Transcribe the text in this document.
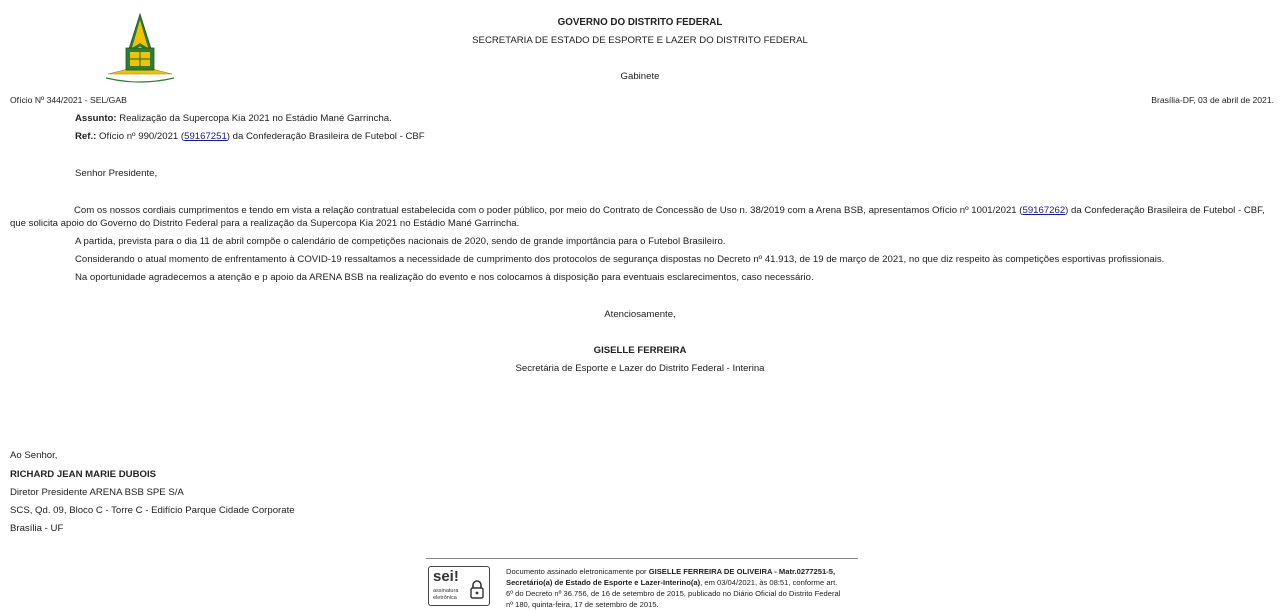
GOVERNO DO DISTRITO FEDERAL
SECRETARIA DE ESTADO DE ESPORTE E LAZER DO DISTRITO FEDERAL
Gabinete
Ofício Nº 344/2021 - SEL/GAB	Brasília-DF, 03 de abril de 2021.
Assunto: Realização da Supercopa Kia 2021 no Estádio Mané Garrincha.
Ref.: Ofício nº 990/2021 (59167251) da Confederação Brasileira de Futebol - CBF
Senhor Presidente,
Com os nossos cordiais cumprimentos e tendo em vista a relação contratual estabelecida com o poder público, por meio do Contrato de Concessão de Uso n. 38/2019 com a Arena BSB, apresentamos Ofício nº 1001/2021 (59167262) da Confederação Brasileira de Futebol - CBF, que solicita apoio do Governo do Distrito Federal para a realização da Supercopa Kia 2021 no Estádio Mané Garrincha.
A partida, prevista para o dia 11 de abril compõe o calendário de competições nacionais de 2020, sendo de grande importância para o Futebol Brasileiro.
Considerando o atual momento de enfrentamento à COVID-19 ressaltamos a necessidade de cumprimento dos protocolos de segurança dispostas no Decreto nº 41.913, de 19 de março de 2021, no que diz respeito às competições esportivas profissionais.
Na oportunidade agradecemos a atenção e p apoio da ARENA BSB na realização do evento e nos colocamos à disposição para eventuais esclarecimentos, caso necessário.
Atenciosamente,
GISELLE FERREIRA
Secretária de Esporte e Lazer do Distrito Federal - Interina
Ao Senhor,
RICHARD JEAN MARIE DUBOIS
Diretor Presidente ARENA BSB SPE S/A
SCS, Qd. 09, Bloco C - Torre C - Edifício Parque Cidade Corporate
Brasília - UF
sei!
assinatura
eletrônica
Documento assinado eletronicamente por GISELLE FERREIRA DE OLIVEIRA - Matr.0277251-5, Secretário(a) de Estado de Esporte e Lazer-Interino(a), em 03/04/2021, às 08:51, conforme art. 6º do Decreto nº 36.756, de 16 de setembro de 2015, publicado no Diário Oficial do Distrito Federal nº 180, quinta-feira, 17 de setembro de 2015.
